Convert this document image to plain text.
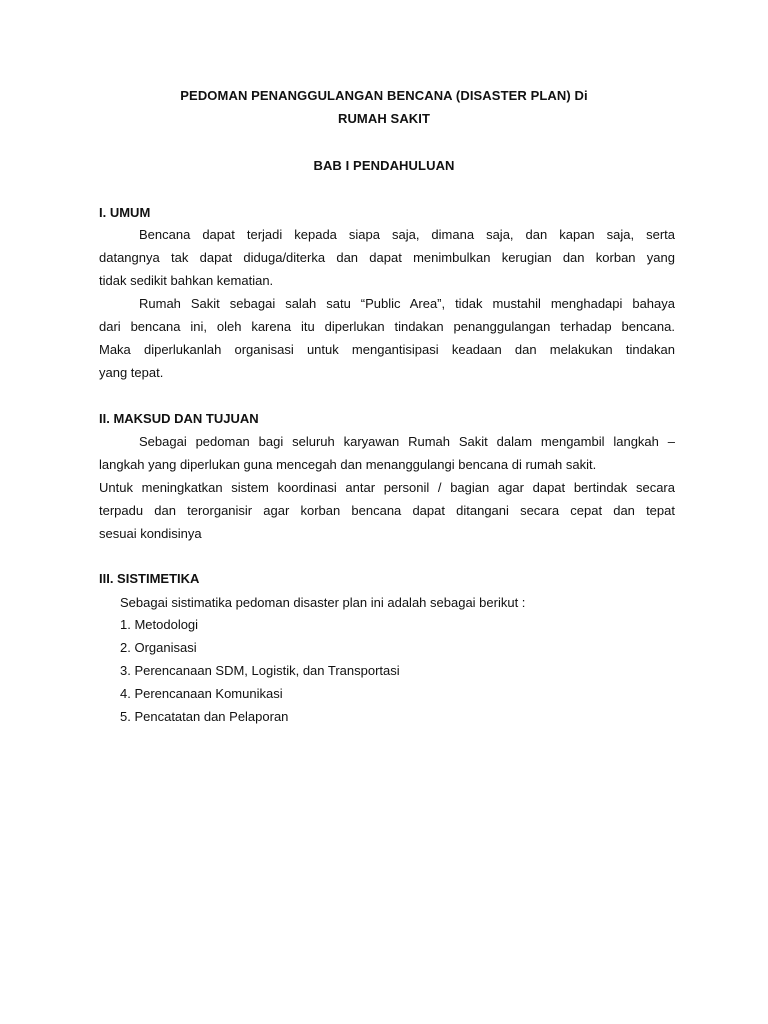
PEDOMAN PENANGGULANGAN BENCANA (DISASTER PLAN) Di
RUMAH SAKIT
BAB I PENDAHULUAN
I. UMUM
Bencana dapat terjadi kepada siapa saja, dimana saja, dan kapan saja, serta
datangnya tak dapat diduga/diterka dan dapat menimbulkan kerugian dan korban yang
tidak sedikit bahkan kematian.
Rumah Sakit sebagai salah satu “Public Area”, tidak mustahil menghadapi bahaya
dari bencana ini, oleh karena itu diperlukan tindakan penanggulangan terhadap bencana.
Maka diperlukanlah organisasi untuk mengantisipasi keadaan dan melakukan tindakan
yang tepat.
II. MAKSUD DAN TUJUAN
Sebagai pedoman bagi seluruh karyawan Rumah Sakit dalam mengambil langkah –
langkah yang diperlukan guna mencegah dan menanggulangi bencana di rumah sakit.
Untuk meningkatkan sistem koordinasi antar personil / bagian agar dapat bertindak secara
terpadu dan terorganisir agar korban bencana dapat ditangani secara cepat dan tepat
sesuai kondisinya
III. SISTIMETIKA
Sebagai sistimatika pedoman disaster plan ini adalah sebagai berikut :
1. Metodologi
2. Organisasi
3. Perencanaan SDM, Logistik, dan Transportasi
4. Perencanaan Komunikasi
5. Pencatatan dan Pelaporan
